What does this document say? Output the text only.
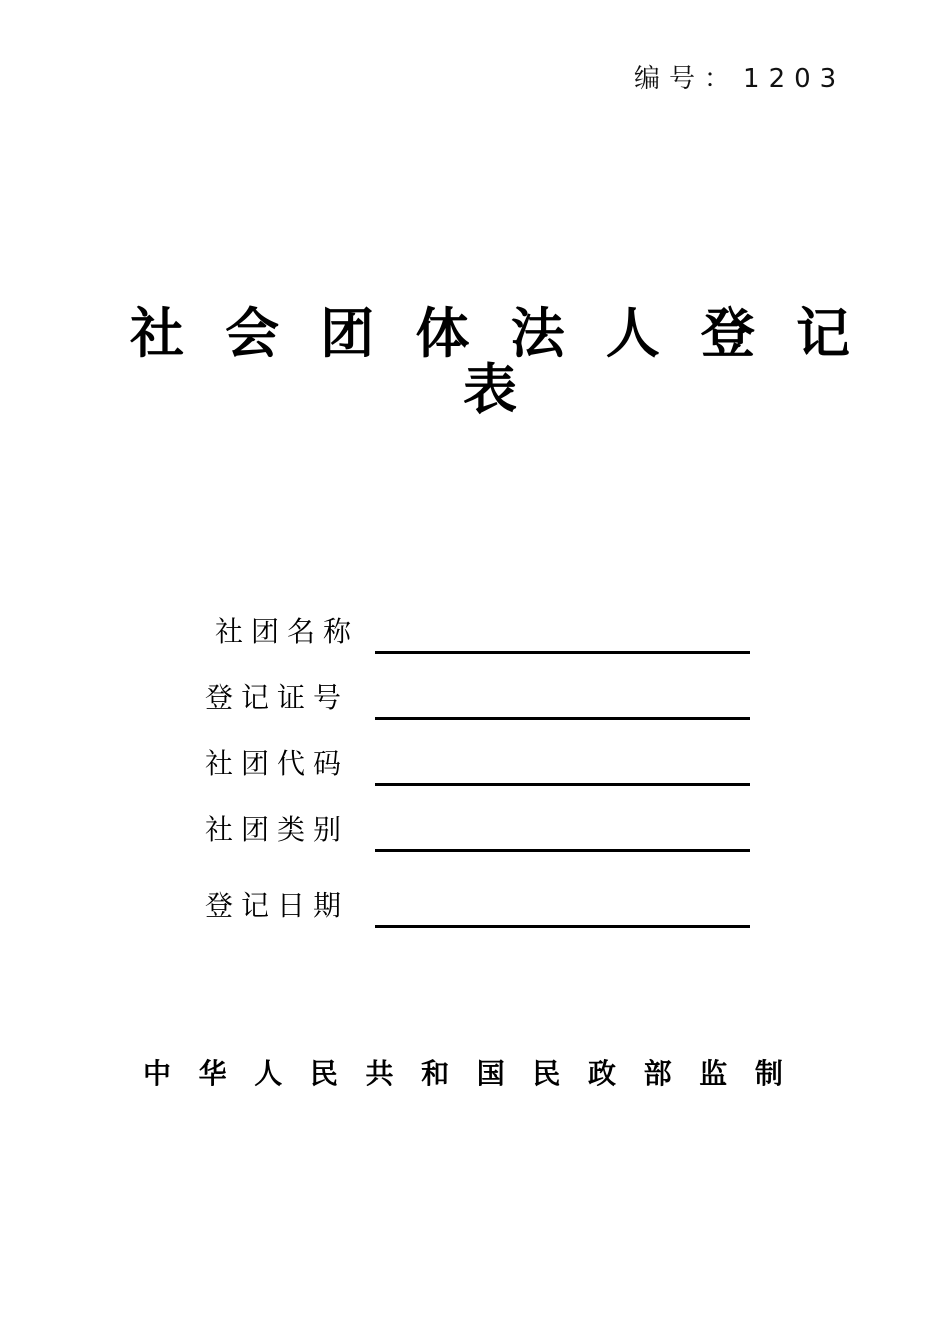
编号： 1203
社 会 团 体 法 人 登 记
表
社团名称
登记证号
社团代码
社团类别
登记日期
中 华 人 民 共 和 国 民 政 部 监 制
